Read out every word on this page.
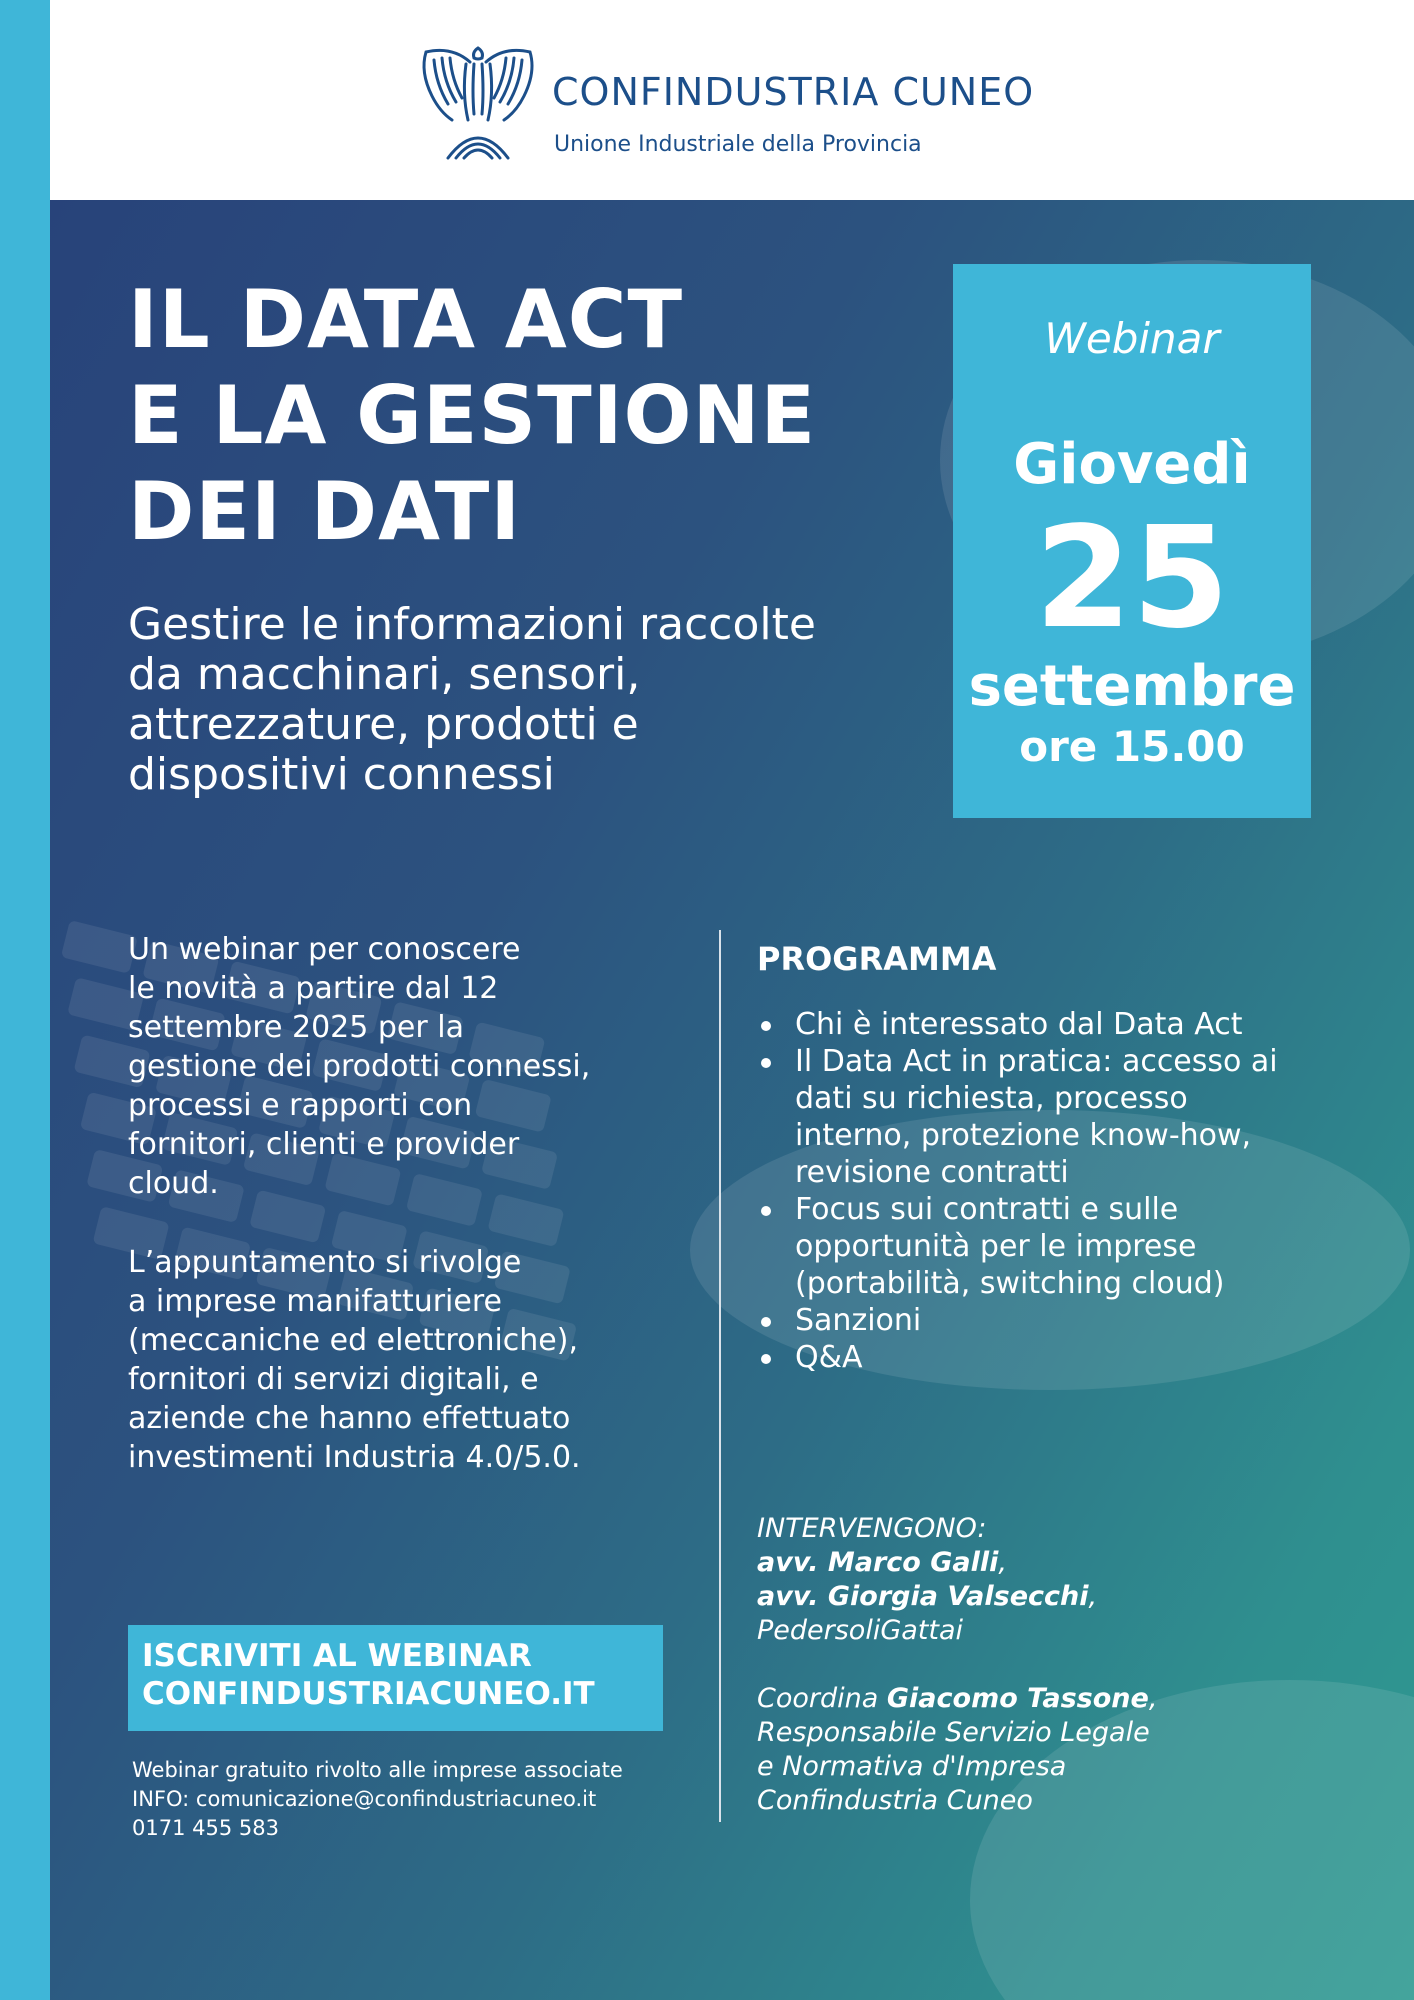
CONFINDUSTRIA CUNEO
Unione Industriale della Provincia
IL DATA ACT
E LA GESTIONE
DEI DATI
Gestire le informazioni raccolte
da macchinari, sensori,
attrezzature, prodotti e
dispositivi connessi
Webinar
Giovedì
25
settembre
ore 15.00
Un webinar per conoscere
le novità a partire dal 12
settembre 2025 per la
gestione dei prodotti connessi,
processi e rapporti con
fornitori, clienti e provider
cloud.
L’appuntamento si rivolge
a imprese manifatturiere
(meccaniche ed elettroniche),
fornitori di servizi digitali, e
aziende che hanno effettuato
investimenti Industria 4.0/5.0.
PROGRAMMA
Chi è interessato dal Data Act
Il Data Act in pratica: accesso ai
dati su richiesta, processo
interno, protezione know-how,
revisione contratti
Focus sui contratti e sulle
opportunità per le imprese
(portabilità, switching cloud)
Sanzioni
Q&A
INTERVENGONO:
avv. Marco Galli,
avv. Giorgia Valsecchi,
PedersoliGattai
Coordina Giacomo Tassone,
Responsabile Servizio Legale
e Normativa d'Impresa
Confindustria Cuneo
ISCRIVITI AL WEBINAR
CONFINDUSTRIACUNEO.IT
Webinar gratuito rivolto alle imprese associate
INFO: comunicazione@confindustriacuneo.it
0171 455 583
